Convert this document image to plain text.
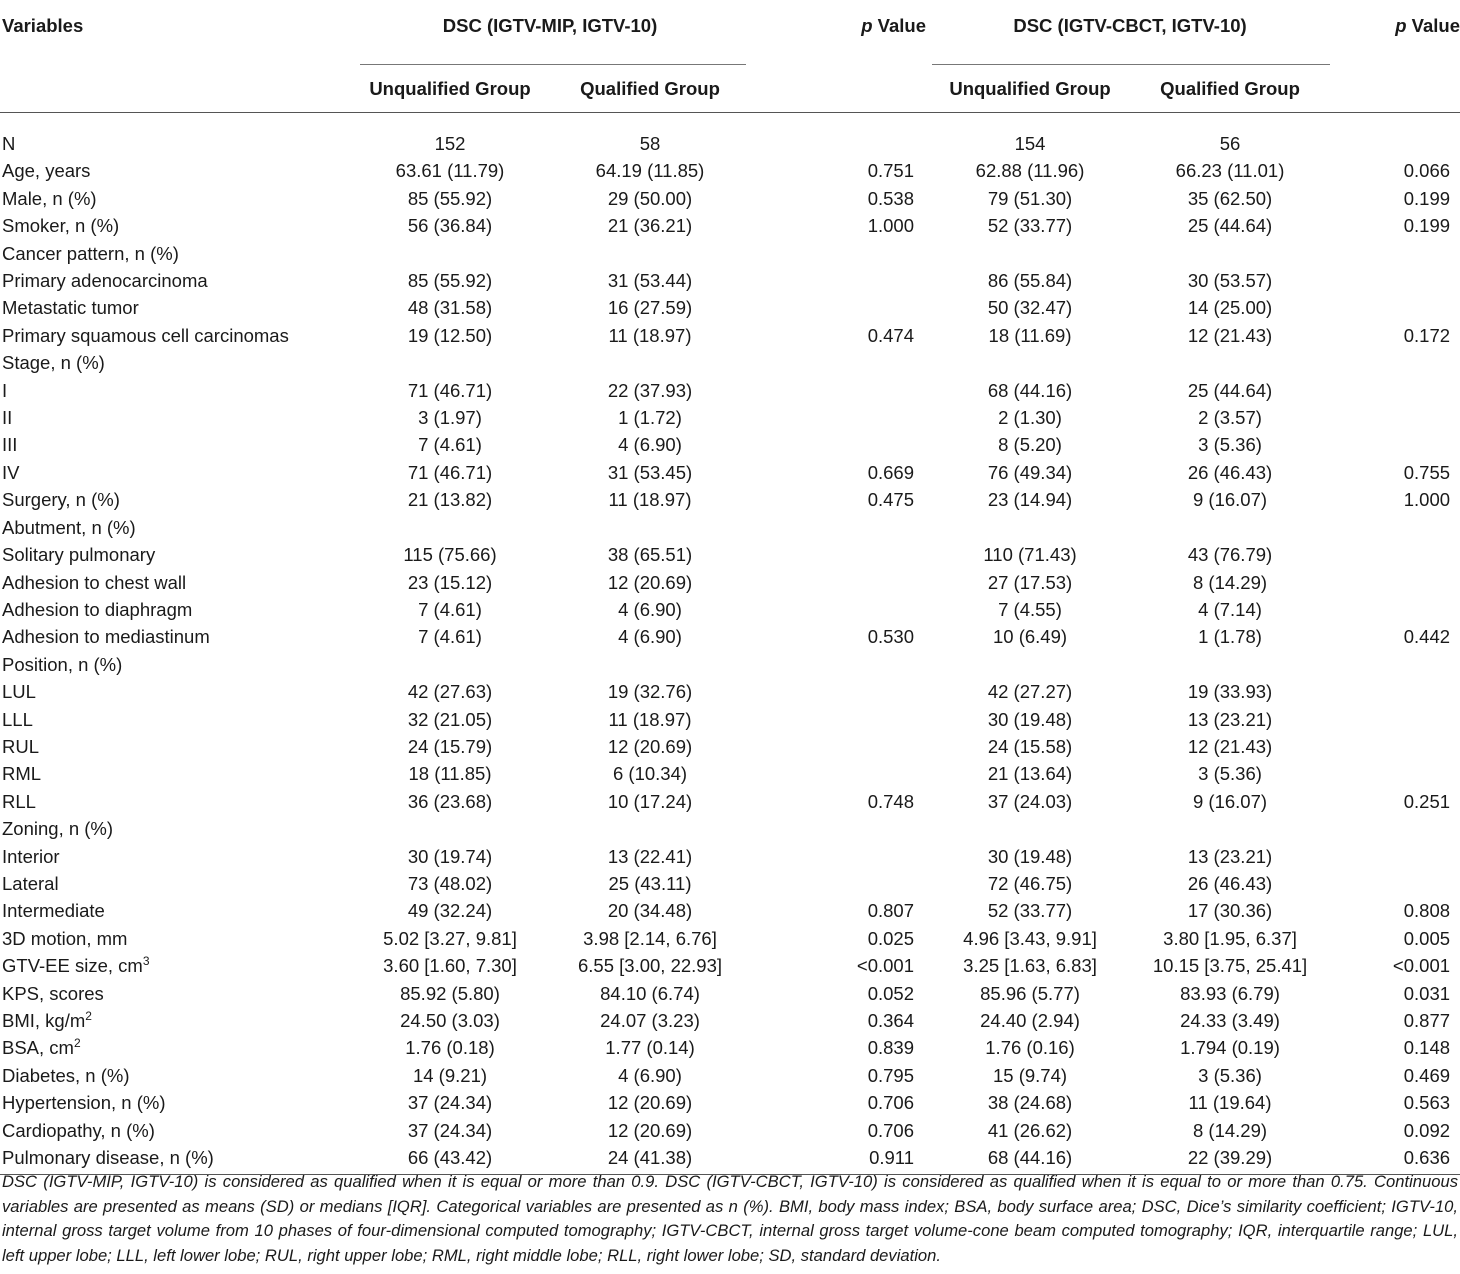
Variables	DSC (IGTV-MIP, IGTV-10)		p Value	DSC (IGTV-CBCT, IGTV-10)		p Value
	Unqualified Group	Qualified Group		Unqualified Group	Qualified Group	
N	152	58		154	56	
Age, years	63.61 (11.79)	64.19 (11.85)	0.751	62.88 (11.96)	66.23 (11.01)	0.066
Male, n (%)	85 (55.92)	29 (50.00)	0.538	79 (51.30)	35 (62.50)	0.199
Smoker, n (%)	56 (36.84)	21 (36.21)	1.000	52 (33.77)	25 (44.64)	0.199
Cancer pattern, n (%)						
Primary adenocarcinoma	85 (55.92)	31 (53.44)		86 (55.84)	30 (53.57)	
Metastatic tumor	48 (31.58)	16 (27.59)		50 (32.47)	14 (25.00)	
Primary squamous cell carcinomas	19 (12.50)	11 (18.97)	0.474	18 (11.69)	12 (21.43)	0.172
Stage, n (%)						
I	71 (46.71)	22 (37.93)		68 (44.16)	25 (44.64)	
II	3 (1.97)	1 (1.72)		2 (1.30)	2 (3.57)	
III	7 (4.61)	4 (6.90)		8 (5.20)	3 (5.36)	
IV	71 (46.71)	31 (53.45)	0.669	76 (49.34)	26 (46.43)	0.755
Surgery, n (%)	21 (13.82)	11 (18.97)	0.475	23 (14.94)	9 (16.07)	1.000
Abutment, n (%)						
Solitary pulmonary	115 (75.66)	38 (65.51)		110 (71.43)	43 (76.79)	
Adhesion to chest wall	23 (15.12)	12 (20.69)		27 (17.53)	8 (14.29)	
Adhesion to diaphragm	7 (4.61)	4 (6.90)		7 (4.55)	4 (7.14)	
Adhesion to mediastinum	7 (4.61)	4 (6.90)	0.530	10 (6.49)	1 (1.78)	0.442
Position, n (%)						
LUL	42 (27.63)	19 (32.76)		42 (27.27)	19 (33.93)	
LLL	32 (21.05)	11 (18.97)		30 (19.48)	13 (23.21)	
RUL	24 (15.79)	12 (20.69)		24 (15.58)	12 (21.43)	
RML	18 (11.85)	6 (10.34)		21 (13.64)	3 (5.36)	
RLL	36 (23.68)	10 (17.24)	0.748	37 (24.03)	9 (16.07)	0.251
Zoning, n (%)						
Interior	30 (19.74)	13 (22.41)		30 (19.48)	13 (23.21)	
Lateral	73 (48.02)	25 (43.11)		72 (46.75)	26 (46.43)	
Intermediate	49 (32.24)	20 (34.48)	0.807	52 (33.77)	17 (30.36)	0.808
3D motion, mm	5.02 [3.27, 9.81]	3.98 [2.14, 6.76]	0.025	4.96 [3.43, 9.91]	3.80 [1.95, 6.37]	0.005
GTV-EE size, $cm^3$	3.60 [1.60, 7.30]	6.55 [3.00, 22.93]	<0.001	3.25 [1.63, 6.83]	10.15 [3.75, 25.41]	<0.001
KPS, scores	85.92 (5.80)	84.10 (6.74)	0.052	85.96 (5.77)	83.93 (6.79)	0.031
BMI, $kg/m^2$	24.50 (3.03)	24.07 (3.23)	0.364	24.40 (2.94)	24.33 (3.49)	0.877
BSA, $cm^2$	1.76 (0.18)	1.77 (0.14)	0.839	1.76 (0.16)	1.794 (0.19)	0.148
Diabetes, n (%)	14 (9.21)	4 (6.90)	0.795	15 (9.74)	3 (5.36)	0.469
Hypertension, n (%)	37 (24.34)	12 (20.69)	0.706	38 (24.68)	11 (19.64)	0.563
Cardiopathy, n (%)	37 (24.34)	12 (20.69)	0.706	41 (26.62)	8 (14.29)	0.092
Pulmonary disease, n (%)	66 (43.42)	24 (41.38)	0.911	68 (44.16)	22 (39.29)	0.636
DSC (IGTV-MIP, IGTV-10) is considered as qualified when it is equal or more than 0.9. DSC (IGTV-CBCT, IGTV-10) is considered as qualified when it is equal to or more than 0.75. Continuous variables are presented as means (SD) or medians [IQR]. Categorical variables are presented as n (%). BMI, body mass index; BSA, body surface area; DSC, Dice’s similarity coefficient; IGTV-10, internal gross target volume from 10 phases of four-dimensional computed tomography; IGTV-CBCT, internal gross target volume-cone beam computed tomography; IQR, interquartile range; LUL, left upper lobe; LLL, left lower lobe; RUL, right upper lobe; RML, right middle lobe; RLL, right lower lobe; SD, standard deviation.
